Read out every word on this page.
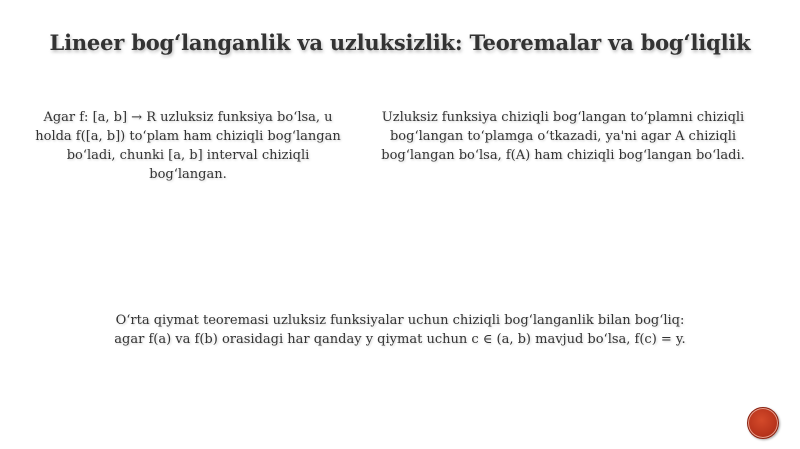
Lineer bog‘langanlik va uzluksizlik: Teoremalar va bog‘liqlik
Agar f: [a, b] → R uzluksiz funksiya bo‘lsa, u holda f([a, b]) to‘plam ham chiziqli bog‘langan bo‘ladi, chunki [a, b] interval chiziqli bog‘langan.
Uzluksiz funksiya chiziqli bog‘langan to‘plamni chiziqli bog‘langan to‘plamga o‘tkazadi, ya'ni agar A chiziqli bog‘langan bo‘lsa, f(A) ham chiziqli bog‘langan bo‘ladi.
O‘rta qiymat teoremasi uzluksiz funksiyalar uchun chiziqli bog‘langanlik bilan bog‘liq: agar f(a) va f(b) orasidagi har qanday y qiymat uchun c ∈ (a, b) mavjud bo‘lsa, f(c) = y.
